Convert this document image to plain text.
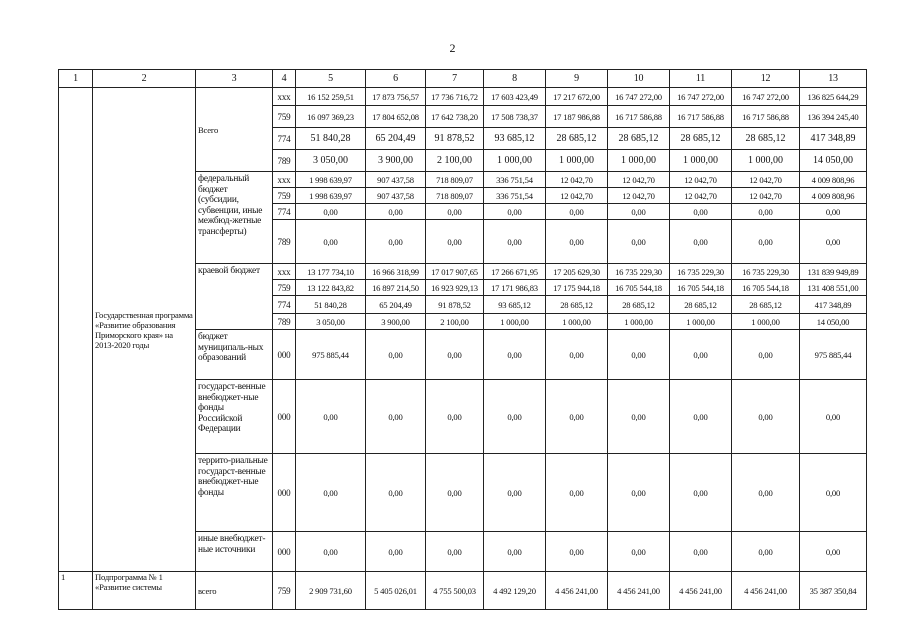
2
1	2	3	4	5	6	7	8	9	10	11	12	13
	Государственная программа «Развитие образования Приморского края» на 2013-2020 годы	Всего	ххх	16 152 259,51	17 873 756,57	17 736 716,72	17 603 423,49	17 217 672,00	16 747 272,00	16 747 272,00	16 747 272,00	136 825 644,29
			759	16 097 369,23	17 804 652,08	17 642 738,20	17 508 738,37	17 187 986,88	16 717 586,88	16 717 586,88	16 717 586,88	136 394 245,40
			774	51 840,28	65 204,49	91 878,52	93 685,12	28 685,12	28 685,12	28 685,12	28 685,12	417 348,89
			789	3 050,00	3 900,00	2 100,00	1 000,00	1 000,00	1 000,00	1 000,00	1 000,00	14 050,00
		федеральный бюджет (субсидии, субвенции, иные межбюд-жетные трансферты)	ххх	1 998 639,97	907 437,58	718 809,07	336 751,54	12 042,70	12 042,70	12 042,70	12 042,70	4 009 808,96
			759	1 998 639,97	907 437,58	718 809,07	336 751,54	12 042,70	12 042,70	12 042,70	12 042,70	4 009 808,96
			774	0,00	0,00	0,00	0,00	0,00	0,00	0,00	0,00	0,00
			789	0,00	0,00	0,00	0,00	0,00	0,00	0,00	0,00	0,00
		краевой бюджет	ххх	13 177 734,10	16 966 318,99	17 017 907,65	17 266 671,95	17 205 629,30	16 735 229,30	16 735 229,30	16 735 229,30	131 839 949,89
			759	13 122 843,82	16 897 214,50	16 923 929,13	17 171 986,83	17 175 944,18	16 705 544,18	16 705 544,18	16 705 544,18	131 408 551,00
			774	51 840,28	65 204,49	91 878,52	93 685,12	28 685,12	28 685,12	28 685,12	28 685,12	417 348,89
			789	3 050,00	3 900,00	2 100,00	1 000,00	1 000,00	1 000,00	1 000,00	1 000,00	14 050,00
		бюджет муниципаль-ных образований	000	975 885,44	0,00	0,00	0,00	0,00	0,00	0,00	0,00	975 885,44
		государст-венные внебюджет-ные фонды Российской Федерации	000	0,00	0,00	0,00	0,00	0,00	0,00	0,00	0,00	0,00
		террито-риальные государст-венные внебюджет-ные фонды	000	0,00	0,00	0,00	0,00	0,00	0,00	0,00	0,00	0,00
		иные внебюджет-ные источники	000	0,00	0,00	0,00	0,00	0,00	0,00	0,00	0,00	0,00
1	Подпрограмма № 1 «Развитие системы	всего	759	2 909 731,60	5 405 026,01	4 755 500,03	4 492 129,20	4 456 241,00	4 456 241,00	4 456 241,00	4 456 241,00	35 387 350,84
